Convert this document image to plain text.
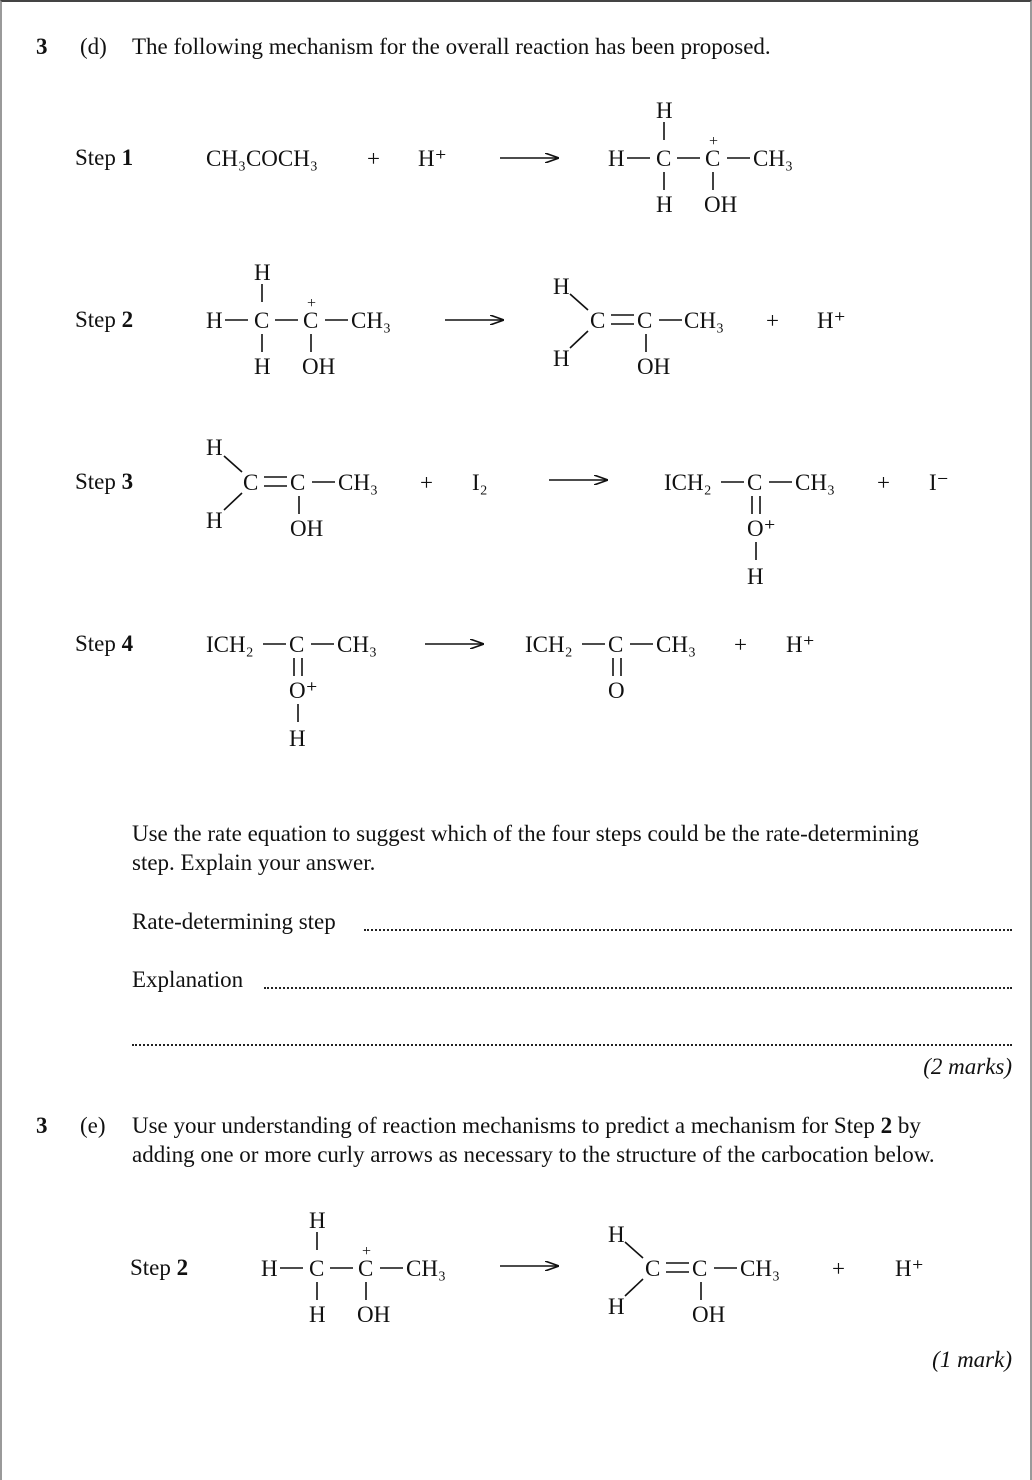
3 (d) The following mechanism for the overall reaction has been proposed.
Step 1
Step 2
Step 3
Step 4
CH₃COCH₃ + H⁺	H C C
+
CH₃
H
H OH
H C C
+
CH₃
H
H OH
H
H
C C CH₃
OH
+ H⁺
H
H
C C CH₃
OH
+ I₂	ICH₂ C CH₃
O⁺
H
+ I⁻
ICH₂ C CH₃
O⁺
H
ICH₂ C CH₃
O
+ H⁺
Use the rate equation to suggest which of the four steps could be the rate-determining
step. Explain your answer.
Rate-determining step
Explanation
(2 marks)
3 (e) Use your understanding of reaction mechanisms to predict a mechanism for Step 2 by
adding one or more curly arrows as necessary to the structure of the carbocation below.
Step 2	H C C
+
CH₃
H
H OH
H
H
C C CH₃
OH
+ H⁺
(1 mark)
